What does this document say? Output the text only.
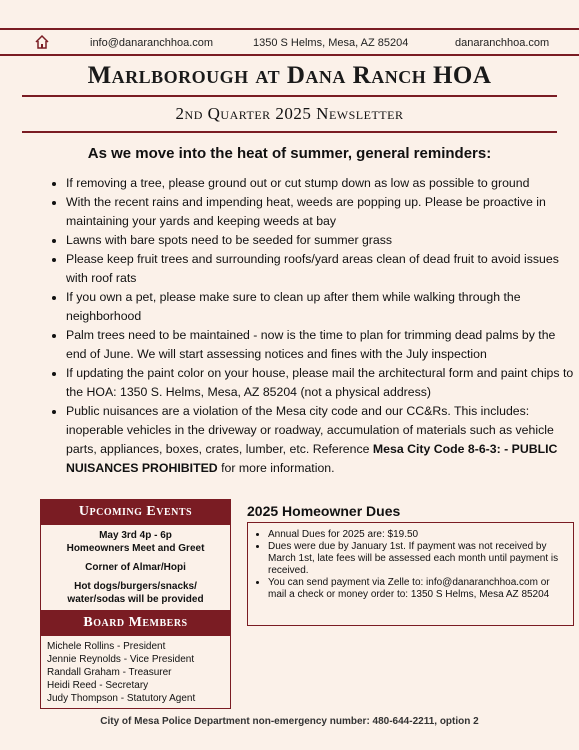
info@danaranchhoa.com	1350 S Helms, Mesa, AZ 85204	danaranchhoa.com
Marlborough at Dana Ranch HOA
2nd Quarter 2025 Newsletter
As we move into the heat of summer, general reminders:
• If removing a tree, please ground out or cut stump down as low as possible to ground
• With the recent rains and impending heat, weeds are popping up. Please be proactive in maintaining your yards and keeping weeds at bay
• Lawns with bare spots need to be seeded for summer grass
• Please keep fruit trees and surrounding roofs/yard areas clean of dead fruit to avoid issues with roof rats
• If you own a pet, please make sure to clean up after them while walking through the neighborhood
• Palm trees need to be maintained - now is the time to plan for trimming dead palms by the end of June. We will start assessing notices and fines with the July inspection
• If updating the paint color on your house, please mail the architectural form and paint chips to the HOA: 1350 S. Helms, Mesa, AZ 85204 (not a physical address)
• Public nuisances are a violation of the Mesa city code and our CC&Rs. This includes: inoperable vehicles in the driveway or roadway, accumulation of materials such as vehicle parts, appliances, boxes, crates, lumber, etc. Reference Mesa City Code 8-6-3: - PUBLIC NUISANCES PROHIBITED for more information.
Upcoming Events
May 3rd 4p - 6p
Homeowners Meet and Greet
Corner of Almar/Hopi
Hot dogs/burgers/snacks/
water/sodas will be provided
Board Members
Michele Rollins - President
Jennie Reynolds - Vice President
Randall Graham - Treasurer
Heidi Reed - Secretary
Judy Thompson - Statutory Agent
2025 Homeowner Dues
• Annual Dues for 2025 are: $19.50
• Dues were due by January 1st. If payment was not received by March 1st, late fees will be assessed each month until payment is received.
• You can send payment via Zelle to: info@danaranchhoa.com or mail a check or money order to: 1350 S Helms, Mesa AZ 85204
City of Mesa Police Department non-emergency number: 480-644-2211, option 2
